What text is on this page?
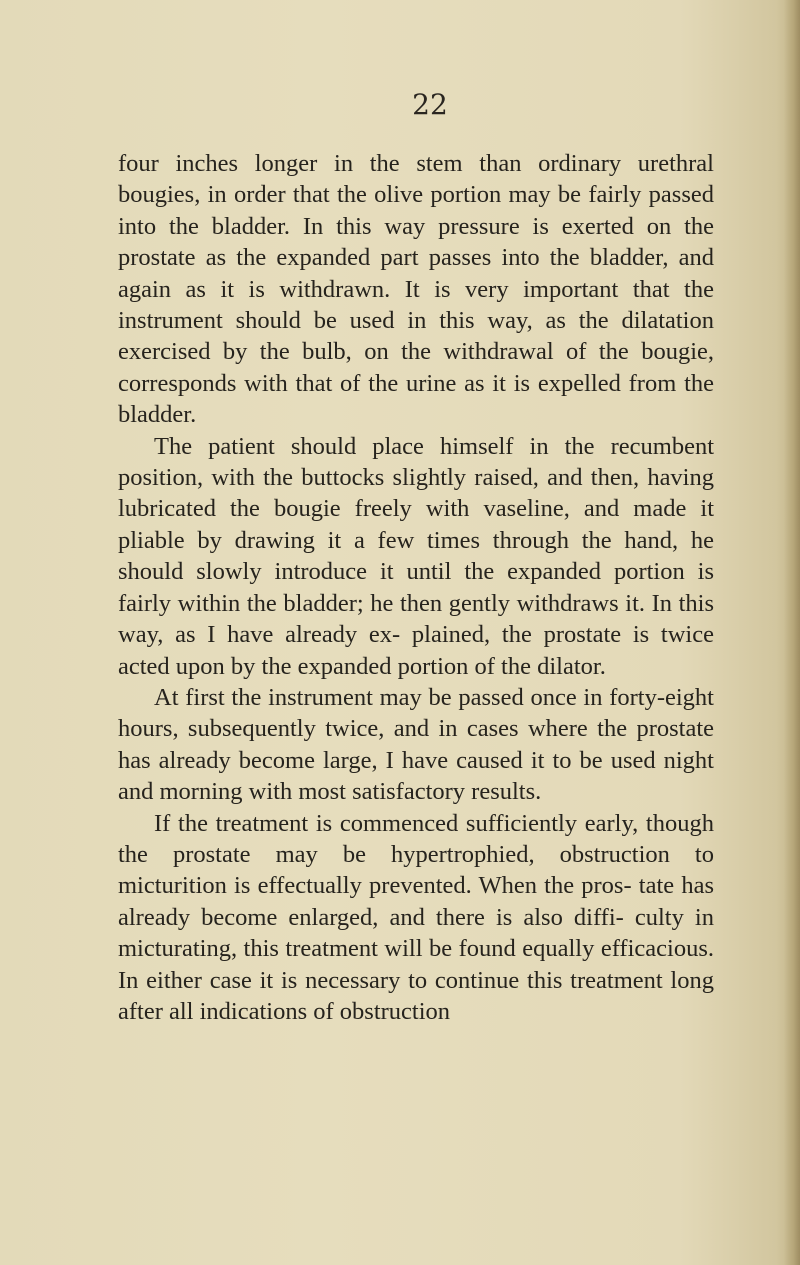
22

four inches longer in the stem than ordinary urethral bougies, in order that the olive portion may be fairly passed into the bladder. In this way pressure is exerted on the prostate as the expanded part passes into the bladder, and again as it is withdrawn. It is very important that the instrument should be used in this way, as the dilatation exercised by the bulb, on the withdrawal of the bougie, corresponds with that of the urine as it is expelled from the bladder.

The patient should place himself in the recumbent position, with the buttocks slightly raised, and then, having lubricated the bougie freely with vaseline, and made it pliable by drawing it a few times through the hand, he should slowly introduce it until the expanded portion is fairly within the bladder; he then gently withdraws it. In this way, as I have already ex- plained, the prostate is twice acted upon by the expanded portion of the dilator.

At first the instrument may be passed once in forty-eight hours, subsequently twice, and in cases where the prostate has already become large, I have caused it to be used night and morning with most satisfactory results.

If the treatment is commenced sufficiently early, though the prostate may be hypertrophied, obstruction to micturition is effectually prevented. When the pros- tate has already become enlarged, and there is also diffi- culty in micturating, this treatment will be found equally efficacious. In either case it is necessary to continue this treatment long after all indications of obstruction
